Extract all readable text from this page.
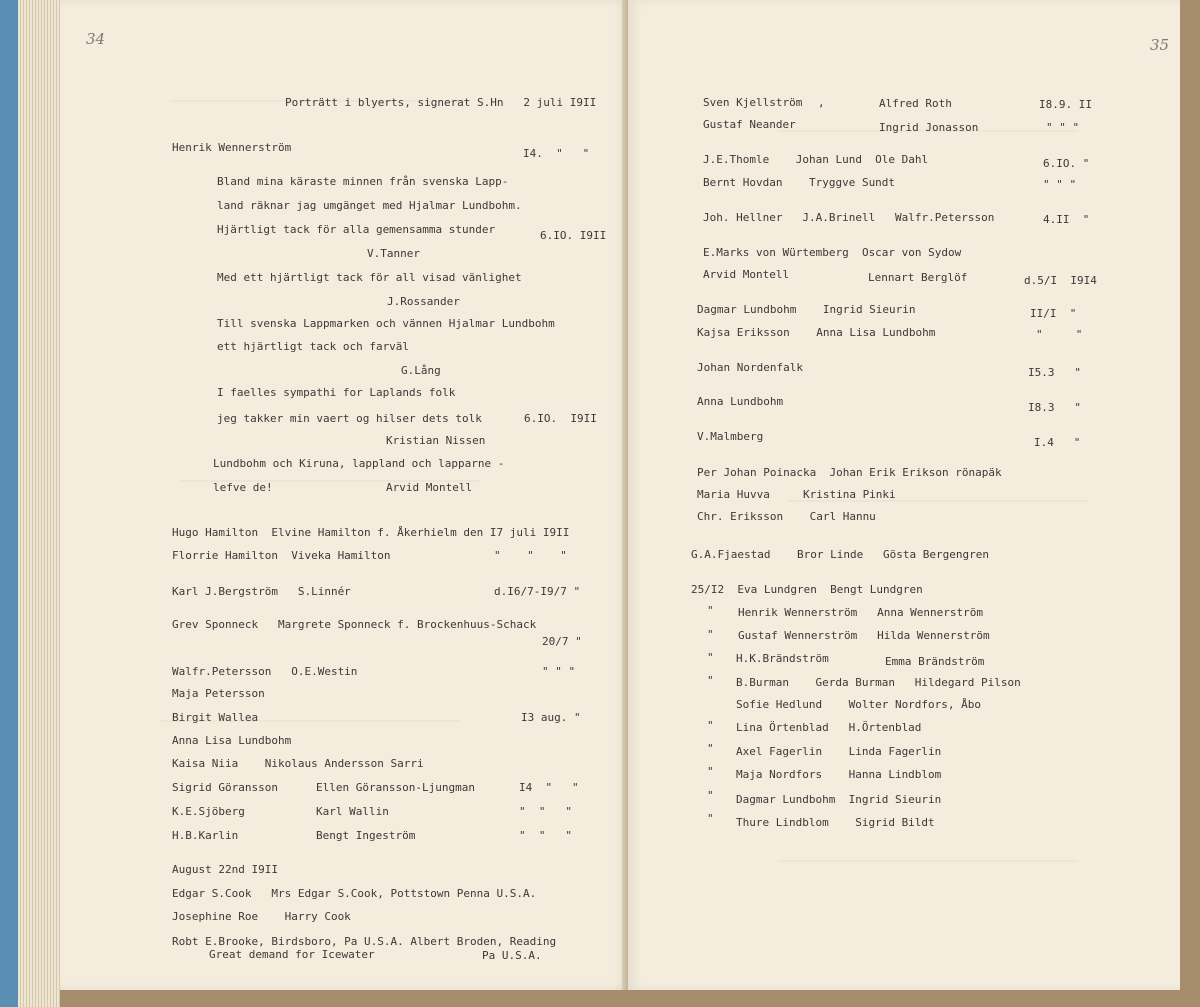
34
Porträtt i blyerts, signerat S.Hn   2 juli I9II
Henrik Wennerström	I4.  "   "
Bland mina käraste minnen från svenska Lapp-
land räknar jag umgänget med Hjalmar Lundbohm.
Hjärtligt tack för alla gemensamma stunder	6.IO. I9II
V.Tanner
Med ett hjärtligt tack för all visad vänlighet
J.Rossander
Till svenska Lappmarken och vännen Hjalmar Lundbohm
ett hjärtligt tack och farväl
G.Lång
I faelles sympathi for Laplands folk
jeg takker min vaert og hilser dets tolk	6.IO.  I9II
Kristian Nissen
Lundbohm och Kiruna, lappland och lapparne -
lefve de!	Arvid Montell
Hugo Hamilton  Elvine Hamilton f. Åkerhielm den I7 juli I9II
Florrie Hamilton  Viveka Hamilton	"    "    "
Karl J.Bergström   S.Linnér	d.I6/7-I9/7 "
Grev Sponneck   Margrete Sponneck f. Brockenhuus-Schack
20/7 "
Walfr.Petersson   O.E.Westin	" " "
Maja Petersson
Birgit Wallea	I3 aug. "
Anna Lisa Lundbohm
Kaisa Niia    Nikolaus Andersson Sarri
Sigrid Göransson	Ellen Göransson-Ljungman	I4  "   "
K.E.Sjöberg	Karl Wallin	"  "   "
H.B.Karlin	Bengt Ingeström	"  "   "
August 22nd I9II
Edgar S.Cook   Mrs Edgar S.Cook, Pottstown Penna U.S.A.
Josephine Roe    Harry Cook
Robt E.Brooke, Birdsboro, Pa U.S.A. Albert Broden, Reading
Great demand for Icewater	Pa U.S.A.
35
Sven Kjellström ,	Alfred Roth	I8.9. II
Gustaf Neander	Ingrid Jonasson	" " "
J.E.Thomle    Johan Lund  Ole Dahl	6.IO. "
Bernt Hovdan    Tryggve Sundt	" " "
Joh. Hellner   J.A.Brinell   Walfr.Petersson	4.II  "
E.Marks von Würtemberg  Oscar von Sydow
Arvid Montell	Lennart Berglöf	d.5/I  I9I4
Dagmar Lundbohm    Ingrid Sieurin	II/I  "
Kajsa Eriksson    Anna Lisa Lundbohm	"     "
Johan Nordenfalk	I5.3   "
Anna Lundbohm	I8.3   "
V.Malmberg	I.4   "
Per Johan Poinacka  Johan Erik Erikson rönapäk
Maria Huvva     Kristina Pinki
Chr. Eriksson    Carl Hannu
G.A.Fjaestad    Bror Linde   Gösta Bergengren
25/I2  Eva Lundgren  Bengt Lundgren
" Henrik Wennerström   Anna Wennerström
" Gustaf Wennerström   Hilda Wennerström
" H.K.Brändström	Emma Brändström
" B.Burman    Gerda Burman   Hildegard Pilson
Sofie Hedlund    Wolter Nordfors, Åbo
" Lina Örtenblad   H.Örtenblad
" Axel Fagerlin    Linda Fagerlin
" Maja Nordfors    Hanna Lindblom
" Dagmar Lundbohm  Ingrid Sieurin
" Thure Lindblom    Sigrid Bildt
